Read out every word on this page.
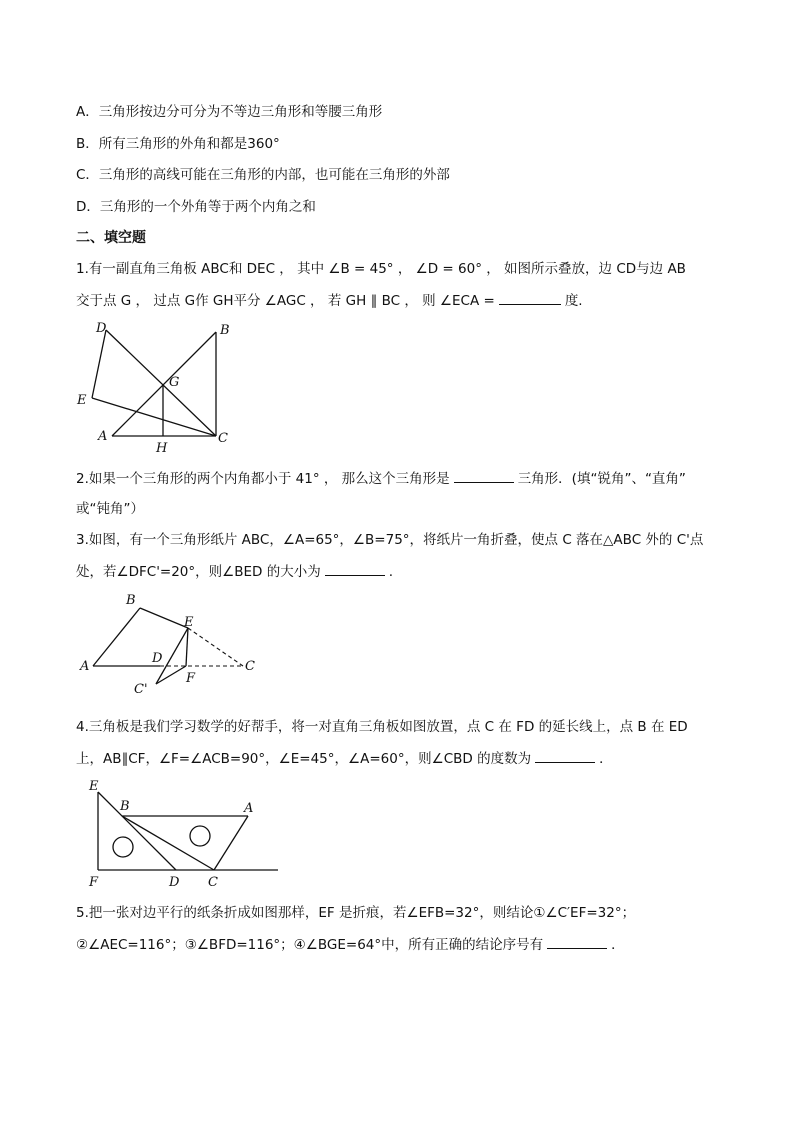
A．三角形按边分可分为不等边三角形和等腰三角形
B．所有三角形的外角和都是360°
C．三角形的高线可能在三角形的内部，也可能在三角形的外部
D．三角形的一个外角等于两个内角之和
二、填空题
1.有一副直角三角板 ABC和 DEC ， 其中 ∠B = 45° ， ∠D = 60° ， 如图所示叠放，边 CD与边 AB
交于点 G ， 过点 G作 GH平分 ∠AGC ， 若 GH ∥ BC ， 则 ∠ECA =	度.
D	B
G
E
A
H
C
2.如果一个三角形的两个内角都小于 41° ， 那么这个三角形是	三角形．(填“锐角”、“直角”
或“钝角”）
3.如图，有一个三角形纸片 ABC，∠A=65°，∠B=75°，将纸片一角折叠，使点 C 落在△ABC 外的 C'点
处，若∠DFC'=20°，则∠BED 的大小为	.
B
E
A
D
C
F
C'
4.三角板是我们学习数学的好帮手，将一对直角三角板如图放置，点 C 在 FD 的延长线上，点 B 在 ED
上，AB∥CF，∠F=∠ACB=90°，∠E=45°，∠A=60°，则∠CBD 的度数为	．
E
B	A
F	D C
5.把一张对边平行的纸条折成如图那样，EF 是折痕，若∠EFB=32°，则结论①∠C′EF=32°；
②∠AEC=116°；③∠BFD=116°；④∠BGE=64°中，所有正确的结论序号有	．
